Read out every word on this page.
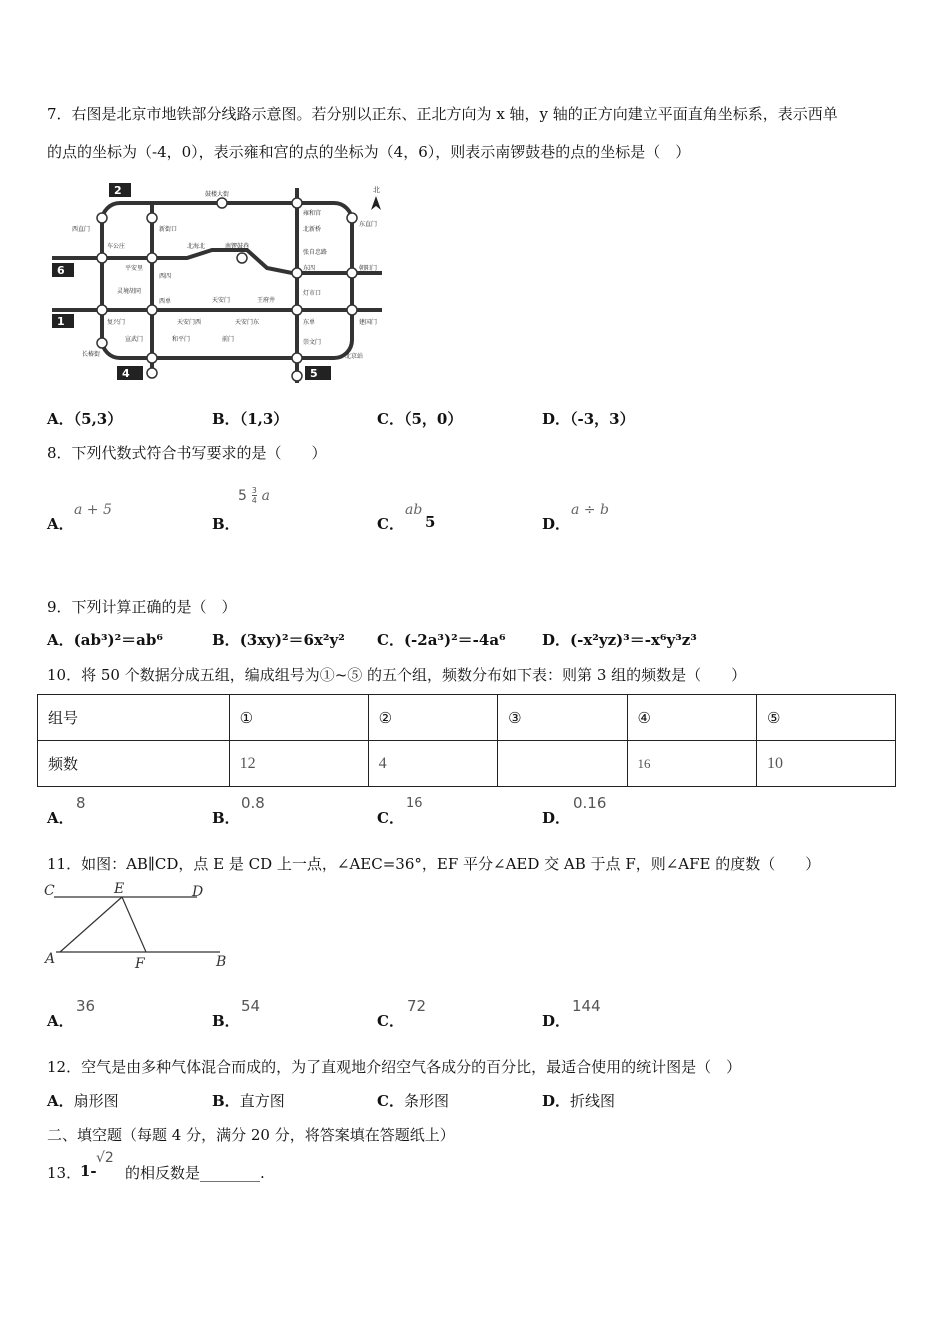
7．右图是北京市地铁部分线路示意图。若分别以正东、正北方向为 x 轴，y 轴的正方向建立平面直角坐标系，表示西单
的点的坐标为（-4，0），表示雍和宫的点的坐标为（4，6），则表示南锣鼓巷的点的坐标是（　）
2
6
1
4	5
鼓楼大街
雍和宫
东直门
西直门	新街口	北新桥
车公庄	北海北	南锣鼓巷
张自忠路
平安里
西四
东四	朝阳门
灵境胡同
西单	天安门	王府井
灯市口
复兴门	天安门西	天安门东	东单	建国门
长椿街
宣武门	和平门	前门	崇文门
北京站
北
A．（5,3）	B．（1,3）	C．（5，0）	D．（-3，3）
8．下列代数式符合书写要求的是（　　）
A．
a + 5
B．
$5 \frac{3}{4}$ a
C．
ab
5	D．
a ÷ b
9．下列计算正确的是（　）
A．(ab³)²＝ab⁶	B．(3xy)²＝6x²y² C．(-2a³)²＝-4a⁶ D．(-x²yz)³＝-x⁶y³z³
10．将 50 个数据分成五组，编成组号为①~⑤ 的五个组，频数分布如下表：则第 3 组的频数是（　　）
组号	①	②	③	④	⑤
频数	12	4		16	10
A．
8
B．
0.8
C．
16
D．
0.16
11．如图：AB∥CD，点 E 是 CD 上一点，∠AEC=36°，EF 平分∠AED 交 AB 于点 F，则∠AFE 的度数（　　）
C	E	D
A	F	B
A．
36
B．
54
C．
72
D．
144
12．空气是由多种气体混合而成的，为了直观地介绍空气各成分的百分比，最适合使用的统计图是（　）
A．扇形图	B．直方图	C．条形图	D．折线图
二、填空题（每题 4 分，满分 20 分，将答案填在答题纸上）
13．
1-
√2
的相反数是________.
